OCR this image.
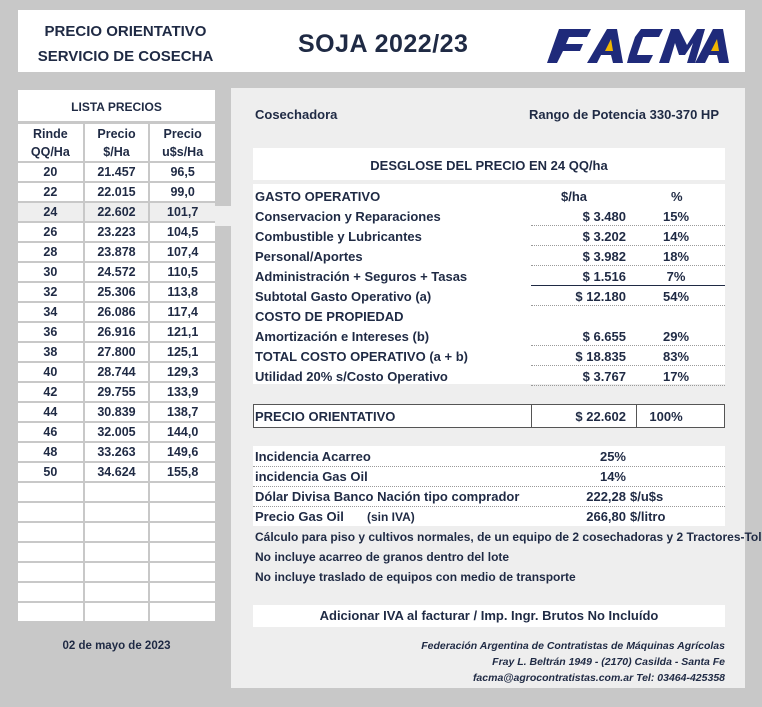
PRECIO ORIENTATIVO
SERVICIO DE COSECHA	SOJA 2022/23
LISTA PRECIOS
Rinde	Precio	Precio
QQ/Ha	$/Ha	u$s/Ha
20	21.457	96,5
22	22.015	99,0
24	22.602	101,7
26	23.223	104,5
28	23.878	107,4
30	24.572	110,5
32	25.306	113,8
34	26.086	117,4
36	26.916	121,1
38	27.800	125,1
40	28.744	129,3
42	29.755	133,9
44	30.839	138,7
46	32.005	144,0
48	33.263	149,6
50	34.624	155,8

02 de mayo de 2023
Cosechadora	Rango de Potencia 330-370 HP
DESGLOSE DEL PRECIO EN 24 QQ/ha
GASTO OPERATIVO	$/ha	%
COSTO DE PROPIEDAD
PRECIO ORIENTATIVO	$ 22.602	100%
Adicionar IVA al facturar / Imp. Ingr. Brutos No Incluído
Federación Argentina de Contratistas de Máquinas Agrícolas
Fray L. Beltrán 1949 - (2170) Casilda - Santa Fe
facma@agrocontratistas.com.ar Tel: 03464-425358
Conservacion y Reparaciones	$ 3.480	15%
Combustible y Lubricantes	$ 3.202	14%
Personal/Aportes	$ 3.982	18%
Administración + Seguros + Tasas	$ 1.516	7%
Subtotal Gasto Operativo (a)	$ 12.180	54%
Amortización e Intereses (b)	$ 6.655	29%
TOTAL COSTO OPERATIVO (a + b)	$ 18.835	83%
Utilidad 20% s/Costo Operativo	$ 3.767	17%
Incidencia Acarreo	25%
incidencia Gas Oil	14%
Dólar Divisa Banco Nación tipo comprador	222,28 $/u$s
Precio Gas Oil (sin IVA)	266,80 $/litro
Cálculo para piso y cultivos normales, de un equipo de 2 cosechadoras y 2 Tractores-Tol
No incluye acarreo de granos dentro del lote
No incluye traslado de equipos con medio de transporte
